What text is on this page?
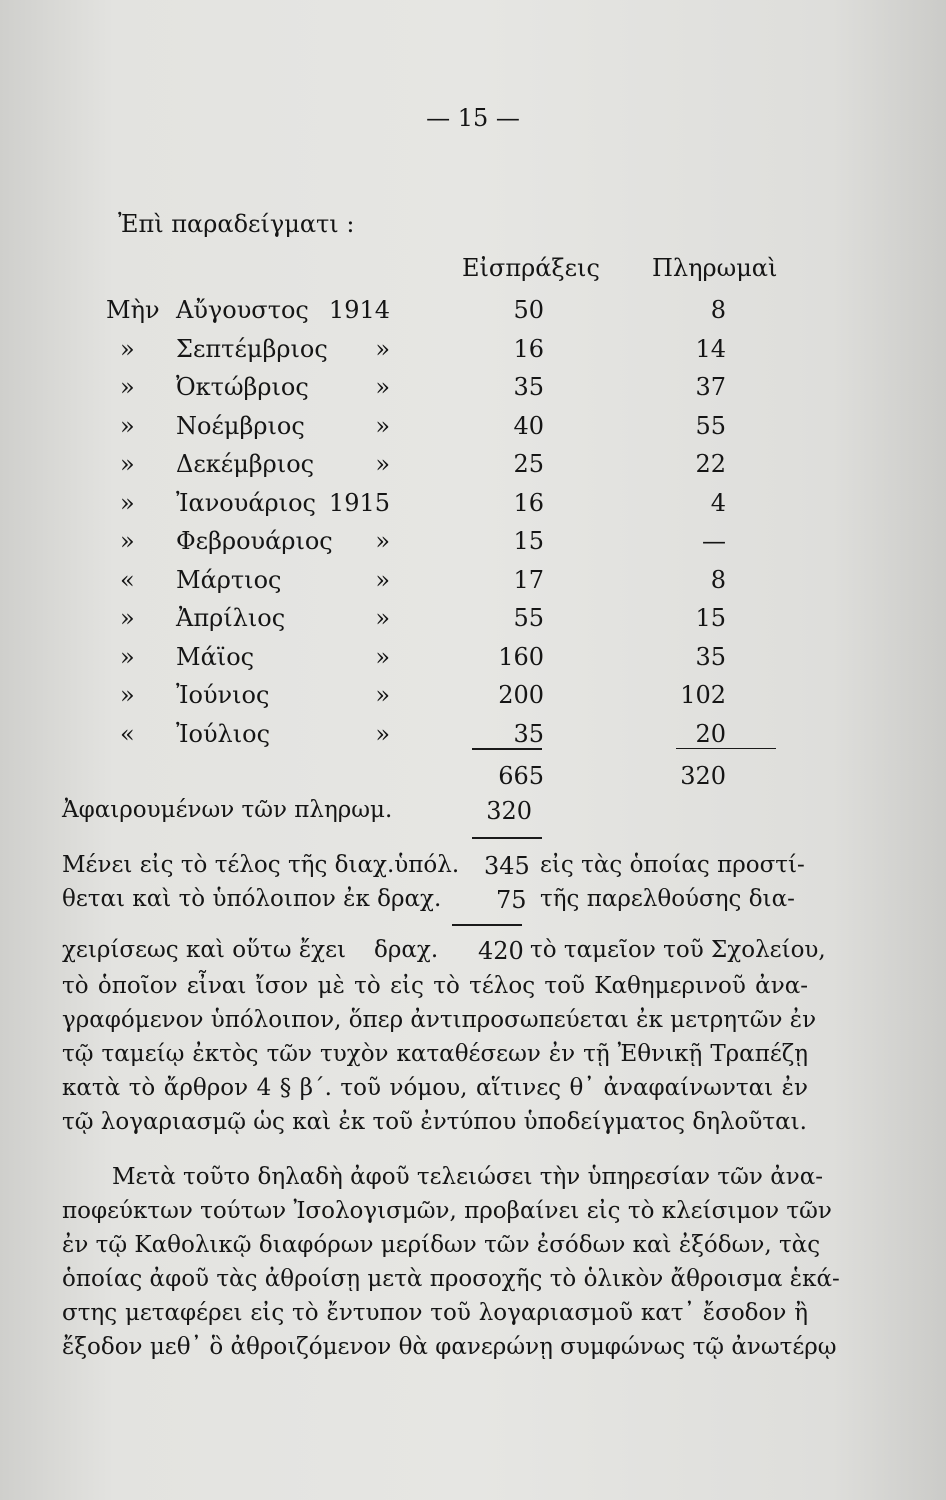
— 15 —
Ἐπὶ παραδείγματι :
Εἰσπράξεις Πληρωμαὶ
Μὴν Αὔγουστος 1914	50	8
» Σεπτέμβριος	»	16	14
» Ὀκτώβριος	»	35	37
» Νοέμβριος	»	40	55
» Δεκέμβριος	»	25	22
» Ἰανουάριος 1915	16	4
» Φεβρουάριος	»	15	—
« Μάρτιος	»	17	8
» Ἀπρίλιος	»	55	15
» Μάϊος	»	160	35
» Ἰούνιος	»	200	102
« Ἰούλιος	»	35	20
665	320
Ἀφαιρουμένων τῶν πληρωμ.	320
Μένει εἰς τὸ τέλος τῆς διαχ.ὑπόλ. 345 εἰς τὰς ὁποίας προστί-
θεται καὶ τὸ ὑπόλοιπον ἐκ δραχ. 75 τῆς παρελθούσης δια-
χειρίσεως καὶ οὕτω ἔχει δραχ. 420 τὸ ταμεῖον τοῦ Σχολείου,
τὸ ὁποῖον εἶναι ἴσον μὲ τὸ εἰς τὸ τέλος τοῦ Καθημερινοῦ ἀνα-
γραφόμενον ὑπόλοιπον, ὅπερ ἀντιπροσωπεύεται ἐκ μετρητῶν ἐν
τῷ ταμείῳ ἐκτὸς τῶν τυχὸν καταθέσεων ἐν τῇ Ἐθνικῇ Τραπέζῃ
κατὰ τὸ ἄρθρον 4 § β΄. τοῦ νόμου, αἵτινες θ᾽ ἀναφαίνωνται ἐν
τῷ λογαριασμῷ ὡς καὶ ἐκ τοῦ ἐντύπου ὑποδείγματος δηλοῦται.
Μετὰ τοῦτο δηλαδὴ ἀφοῦ τελειώσει τὴν ὑπηρεσίαν τῶν ἀνα-
ποφεύκτων τούτων Ἰσολογισμῶν, προβαίνει εἰς τὸ κλείσιμον τῶν
ἐν τῷ Καθολικῷ διαφόρων μερίδων τῶν ἐσόδων καὶ ἐξόδων, τὰς
ὁποίας ἀφοῦ τὰς ἀθροίσῃ μετὰ προσοχῆς τὸ ὁλικὸν ἄθροισμα ἑκά-
στης μεταφέρει εἰς τὸ ἔντυπον τοῦ λογαριασμοῦ κατ᾽ ἔσοδον ἢ
ἔξοδον μεθ᾽ ὃ ἀθροιζόμενον θὰ φανερώνῃ συμφώνως τῷ ἀνωτέρῳ
